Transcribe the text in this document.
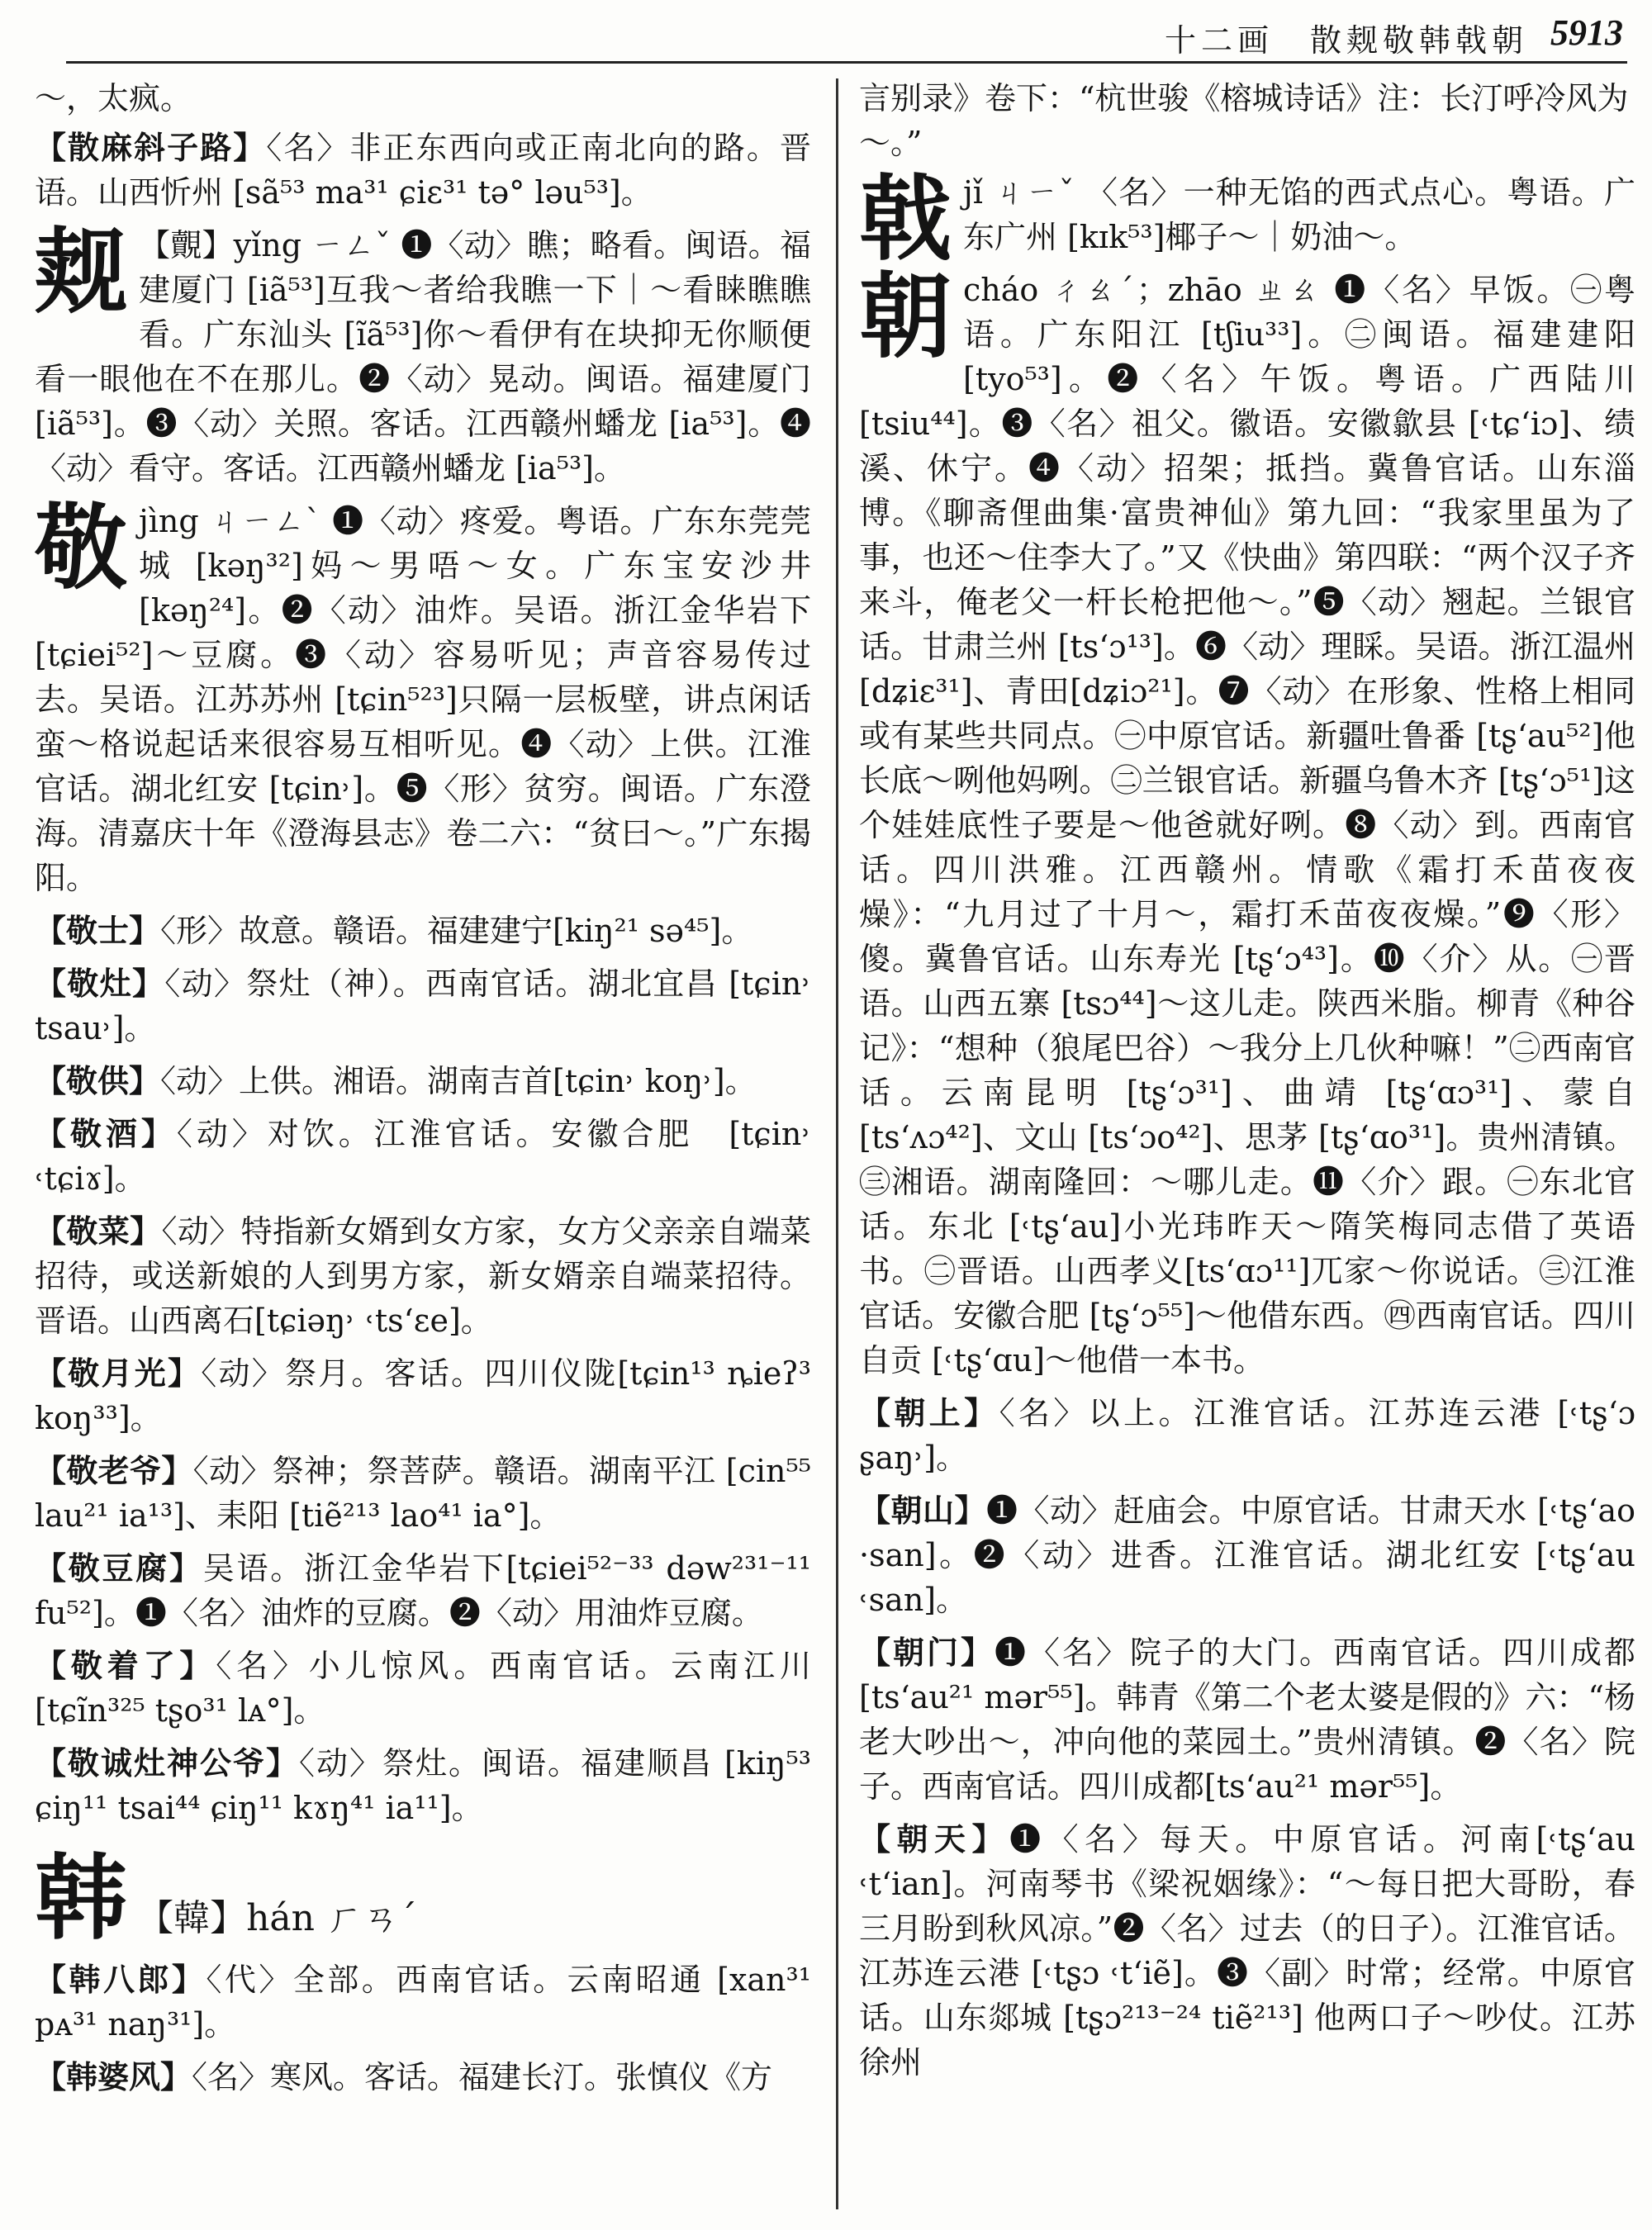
十二画　散觌敬韩戟朝 5913

～，太疯。

【散麻斜子路】〈名〉非正东西向或正南北向的路。晋语。山西忻州 [sã⁵³ ma³¹ ɕiɛ³¹ tə° ləu⁵³]。

觌 【覿】yǐng ㄧㄥˇ ❶〈动〉瞧；略看。闽语。福建厦门 [iã⁵³]互我～者给我瞧一下｜～看睐瞧瞧看。广东汕头 [ĩã⁵³]你～看伊有在块抑无你顺便看一眼他在不在那儿。❷〈动〉晃动。闽语。福建厦门 [iã⁵³]。❸〈动〉关照。客话。江西赣州蟠龙 [ia⁵³]。❹〈动〉看守。客话。江西赣州蟠龙 [ia⁵³]。
敬 jìng ㄐㄧㄥˋ ❶〈动〉疼爱。粤语。广东东莞莞城 [kəŋ³²]妈～男唔～女。广东宝安沙井 [kəŋ²⁴]。❷〈动〉油炸。吴语。浙江金华岩下 [tɕiei⁵²]～豆腐。❸〈动〉容易听见；声音容易传过去。吴语。江苏苏州 [tɕin⁵²³]只隔一层板壁，讲点闲话蛮～格说起话来很容易互相听见。❹〈动〉上供。江淮官话。湖北红安 [tɕin˒]。❺〈形〉贫穷。闽语。广东澄海。清嘉庆十年《澄海县志》卷二六：“贫曰～。”广东揭阳。

【敬士】〈形〉故意。赣语。福建建宁[kiŋ²¹ sə⁴⁵]。

【敬灶】〈动〉祭灶（神）。西南官话。湖北宜昌 [tɕin˒ tsau˒]。

【敬供】〈动〉上供。湘语。湖南吉首[tɕin˒ koŋ˒]。

【敬酒】〈动〉对饮。江淮官话。安徽合肥　[tɕin˒ ˓tɕiɤ]。

【敬菜】〈动〉特指新女婿到女方家，女方父亲亲自端菜招待，或送新娘的人到男方家，新女婿亲自端菜招待。晋语。山西离石[tɕiəŋ˒ ˓ts‘ɛe]。

【敬月光】〈动〉祭月。客话。四川仪陇[tɕin¹³ ȵieʔ³ koŋ³³]。

【敬老爷】〈动〉祭神；祭菩萨。赣语。湖南平江 [cin⁵⁵ lau²¹ ia¹³]、耒阳 [tiẽ²¹³ lao⁴¹ ia°]。

【敬豆腐】吴语。浙江金华岩下[tɕiei⁵²⁻³³ dəw²³¹⁻¹¹ fu⁵²]。❶〈名〉油炸的豆腐。❷〈动〉用油炸豆腐。

【敬着了】〈名〉小儿惊风。西南官话。云南江川 [tɕĩn³²⁵ tʂo³¹ lᴀ°]。

【敬诚灶神公爷】〈动〉祭灶。闽语。福建顺昌 [kiŋ⁵³ ɕiŋ¹¹ tsai⁴⁴ ɕiŋ¹¹ kɤŋ⁴¹ ia¹¹]。

韩 【韓】hán ㄏㄢˊ

【韩八郎】〈代〉全部。西南官话。云南昭通 [xan³¹ pᴀ³¹ naŋ³¹]。

【韩婆风】〈名〉寒风。客话。福建长汀。张慎仪《方

言别录》卷下：“杭世骏《榕城诗话》注：长汀呼冷风为～。”

戟 jǐ ㄐㄧˇ 〈名〉一种无馅的西式点心。粤语。广东广州 [kɪk⁵³]椰子～｜奶油～。
朝 cháo ㄔㄠˊ；zhāo ㄓㄠ ❶〈名〉早饭。㊀粤语。广东阳江 [tʃiu³³]。㊁闽语。福建建阳 [tyo⁵³]。❷〈名〉午饭。粤语。广西陆川 [tsiu⁴⁴]。❸〈名〉祖父。徽语。安徽歙县 [˓tɕ‘iɔ]、绩溪、休宁。❹〈动〉招架；抵挡。冀鲁官话。山东淄博。《聊斋俚曲集·富贵神仙》第九回：“我家里虽为了事，也还～住李大了。”又《快曲》第四联：“两个汉子齐来斗，俺老父一杆长枪把他～。”❺〈动〉翘起。兰银官话。甘肃兰州 [ts‘ɔ¹³]。❻〈动〉理睬。吴语。浙江温州 [dʑiɛ³¹]、青田[dʑiɔ²¹]。❼〈动〉在形象、性格上相同或有某些共同点。㊀中原官话。新疆吐鲁番 [tʂ‘au⁵²]他长底～咧他妈咧。㊁兰银官话。新疆乌鲁木齐 [tʂ‘ɔ⁵¹]这个娃娃底性子要是～他爸就好咧。❽〈动〉到。西南官话。四川洪雅。江西赣州。情歌《霜打禾苗夜夜燥》：“九月过了十月～，霜打禾苗夜夜燥。”❾〈形〉傻。冀鲁官话。山东寿光 [tʂ‘ɔ⁴³]。❿〈介〉从。㊀晋语。山西五寨 [tsɔ⁴⁴]～这儿走。陕西米脂。柳青《种谷记》：“想种（狼尾巴谷）～我分上几伙种嘛！”㊁西南官话。云南昆明 [tʂ‘ɔ³¹]、曲靖 [tʂ‘ɑɔ³¹]、蒙自 [ts‘ʌɔ⁴²]、文山 [ts‘ɔo⁴²]、思茅 [tʂ‘ɑo³¹]。贵州清镇。㊂湘语。湖南隆回：～哪儿走。⓫〈介〉跟。㊀东北官话。东北 [˓tʂ‘au]小光玮昨天～隋笑梅同志借了英语书。㊁晋语。山西孝义[ts‘ɑɔ¹¹]兀家～你说话。㊂江淮官话。安徽合肥 [tʂ‘ɔ⁵⁵]～他借东西。㊃西南官话。四川自贡 [˓tʂ‘ɑu]～他借一本书。

【朝上】〈名〉以上。江淮官话。江苏连云港 [˓tʂ‘ɔ ʂaŋ˒]。

【朝山】❶〈动〉赶庙会。中原官话。甘肃天水 [˓tʂ‘ao ·san]。❷〈动〉进香。江淮官话。湖北红安 [˓tʂ‘au ˓san]。

【朝门】❶〈名〉院子的大门。西南官话。四川成都 [ts‘au²¹ mər⁵⁵]。韩青《第二个老太婆是假的》六：“杨老大吵出～，冲向他的菜园土。”贵州清镇。❷〈名〉院子。西南官话。四川成都[ts‘au²¹ mər⁵⁵]。

【朝天】❶〈名〉每天。中原官话。河南[˓tʂ‘au ˓t‘ian]。河南琴书《梁祝姻缘》：“～每日把大哥盼，春三月盼到秋风凉。”❷〈名〉过去（的日子）。江淮官话。江苏连云港 [˓tʂɔ ˓t‘iẽ]。❸〈副〉时常；经常。中原官话。山东郯城 [tʂɔ²¹³⁻²⁴ tiẽ²¹³] 他两口子～吵仗。江苏徐州
